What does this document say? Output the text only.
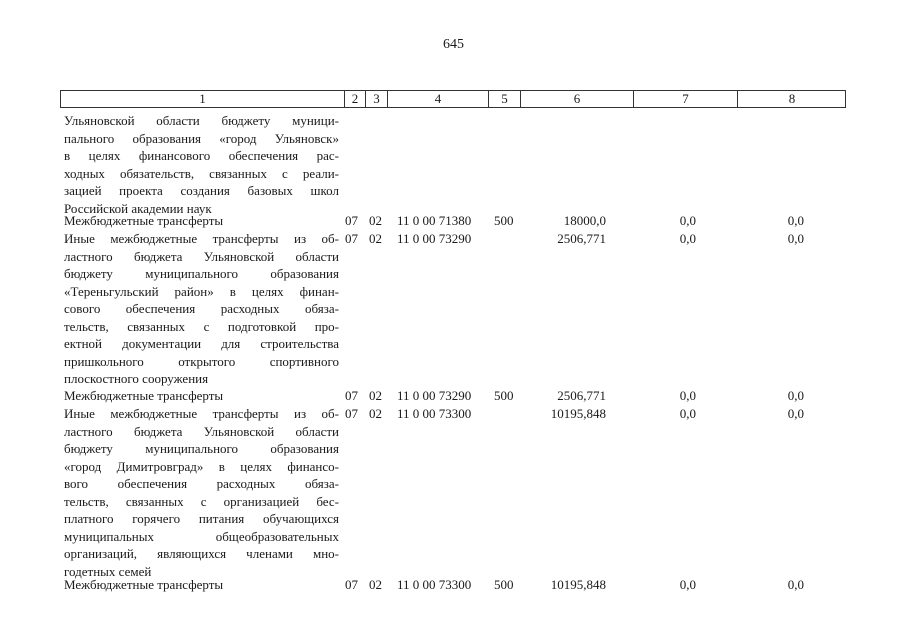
645
1	2	3	4	5	6	7	8
Ульяновской области бюджету муници-
пального образования «город Ульяновск»
в целях финансового обеспечения рас-
ходных обязательств, связанных с реали-
зацией проекта создания базовых школ
Российской академии наук
Межбюджетные трансферты	07 02 11 0 00 71380 500	18000,0	0,0	0,0
Иные межбюджетные трансферты из об-
ластного бюджета Ульяновской области
бюджету муниципального образования
«Тереньгульский район» в целях финан-
сового обеспечения расходных обяза-
тельств, связанных с подготовкой про-
ектной документации для строительства
пришкольного открытого спортивного
плоскостного сооружения
07 02 11 0 00 73290	2506,771	0,0	0,0
Межбюджетные трансферты	07 02 11 0 00 73290 500	2506,771	0,0	0,0
Иные межбюджетные трансферты из об-
ластного бюджета Ульяновской области
бюджету муниципального образования
«город Димитровград» в целях финансо-
вого обеспечения расходных обяза-
тельств, связанных с организацией бес-
платного горячего питания обучающихся
муниципальных общеобразовательных
организаций, являющихся членами мно-
годетных семей
07 02 11 0 00 73300	10195,848	0,0	0,0
Межбюджетные трансферты	07 02 11 0 00 73300 500	10195,848	0,0	0,0
